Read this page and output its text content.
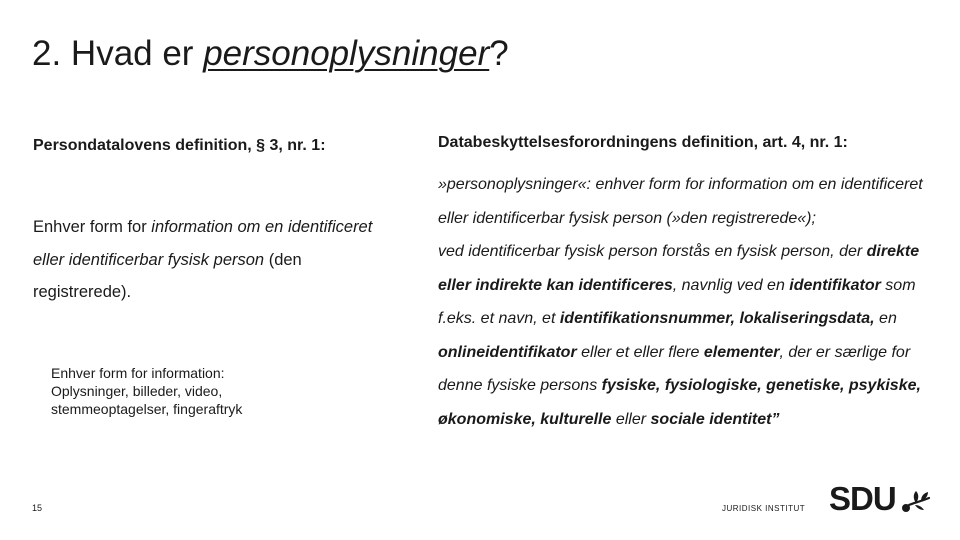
2. Hvad er personoplysninger?
Persondatalovens definition, § 3, nr. 1:
Enhver form for information om en identificeret eller identificerbar fysisk person (den registrerede).
Enhver form for information:
Oplysninger, billeder, video, stemmeoptagelser, fingeraftryk
Databeskyttelsesforordningens definition, art. 4, nr. 1:
»personoplysninger«: enhver form for information om en identificeret eller identificerbar fysisk person (»den registrerede«);
ved identificerbar fysisk person forstås en fysisk person, der direkte eller indirekte kan identificeres, navnlig ved en identifikator som f.eks. et navn, et identifikationsnummer, lokaliseringsdata, en onlineidentifikator eller et eller flere elementer, der er særlige for denne fysiske persons fysiske, fysiologiske, genetiske, psykiske, økonomiske, kulturelle eller sociale identitet”
15	JURIDISK INSTITUT SDU
